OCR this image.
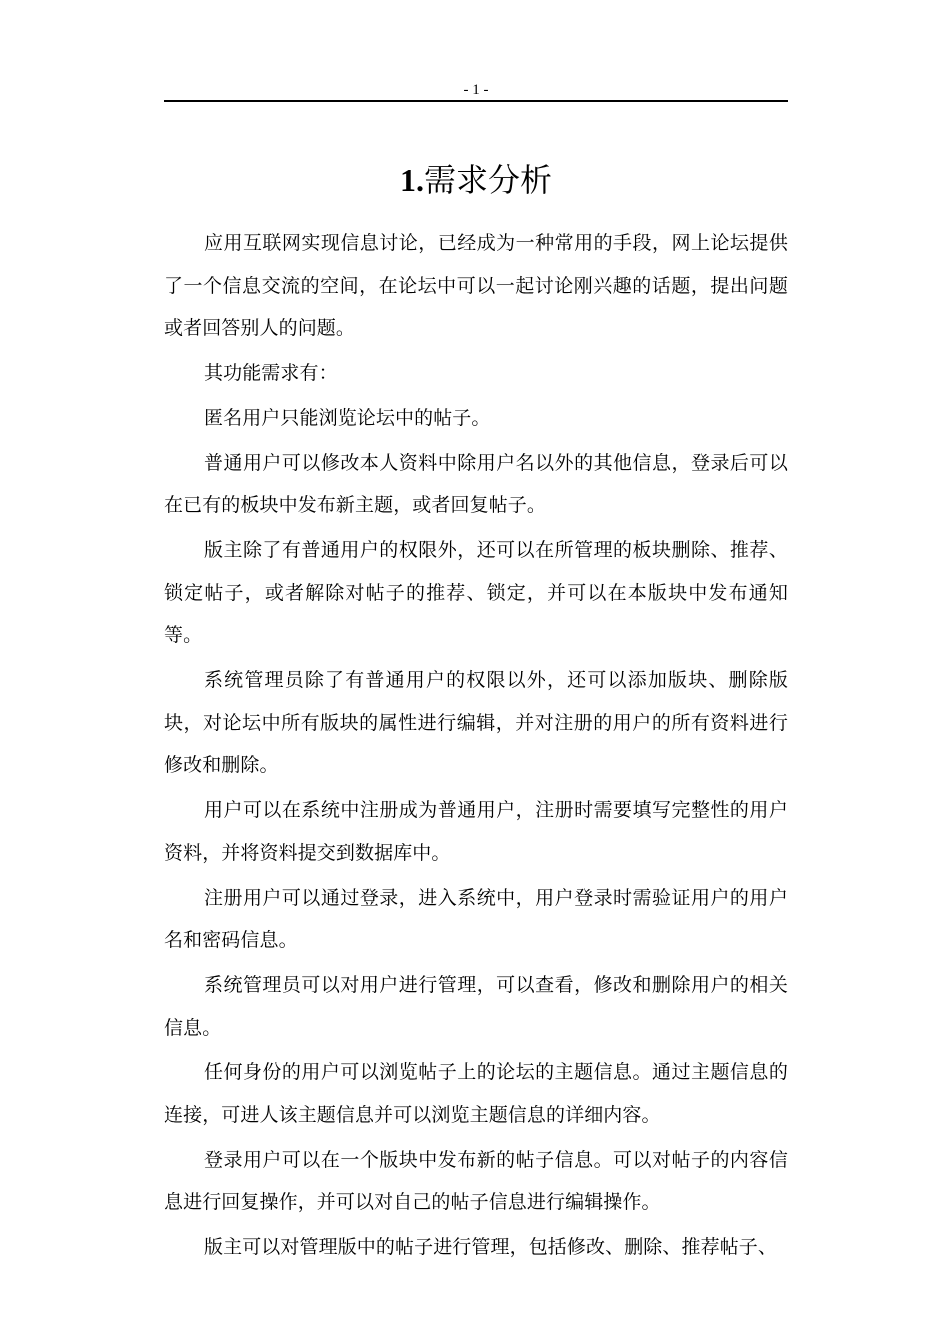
- 1 -
1.需求分析

应用互联网实现信息讨论，已经成为一种常用的手段，网上论坛提供了一个信息交流的空间，在论坛中可以一起讨论刚兴趣的话题，提出问题或者回答别人的问题。

其功能需求有：

匿名用户只能浏览论坛中的帖子。

普通用户可以修改本人资料中除用户名以外的其他信息，登录后可以在已有的板块中发布新主题，或者回复帖子。

版主除了有普通用户的权限外，还可以在所管理的板块删除、推荐、锁定帖子，或者解除对帖子的推荐、锁定，并可以在本版块中发布通知等。

系统管理员除了有普通用户的权限以外，还可以添加版块、删除版块，对论坛中所有版块的属性进行编辑，并对注册的用户的所有资料进行修改和删除。

用户可以在系统中注册成为普通用户，注册时需要填写完整性的用户资料，并将资料提交到数据库中。

注册用户可以通过登录，进入系统中，用户登录时需验证用户的用户名和密码信息。

系统管理员可以对用户进行管理，可以查看，修改和删除用户的相关信息。

任何身份的用户可以浏览帖子上的论坛的主题信息。通过主题信息的连接，可进人该主题信息并可以浏览主题信息的详细内容。

登录用户可以在一个版块中发布新的帖子信息。可以对帖子的内容信息进行回复操作，并可以对自己的帖子信息进行编辑操作。

版主可以对管理版中的帖子进行管理，包括修改、删除、推荐帖子、
